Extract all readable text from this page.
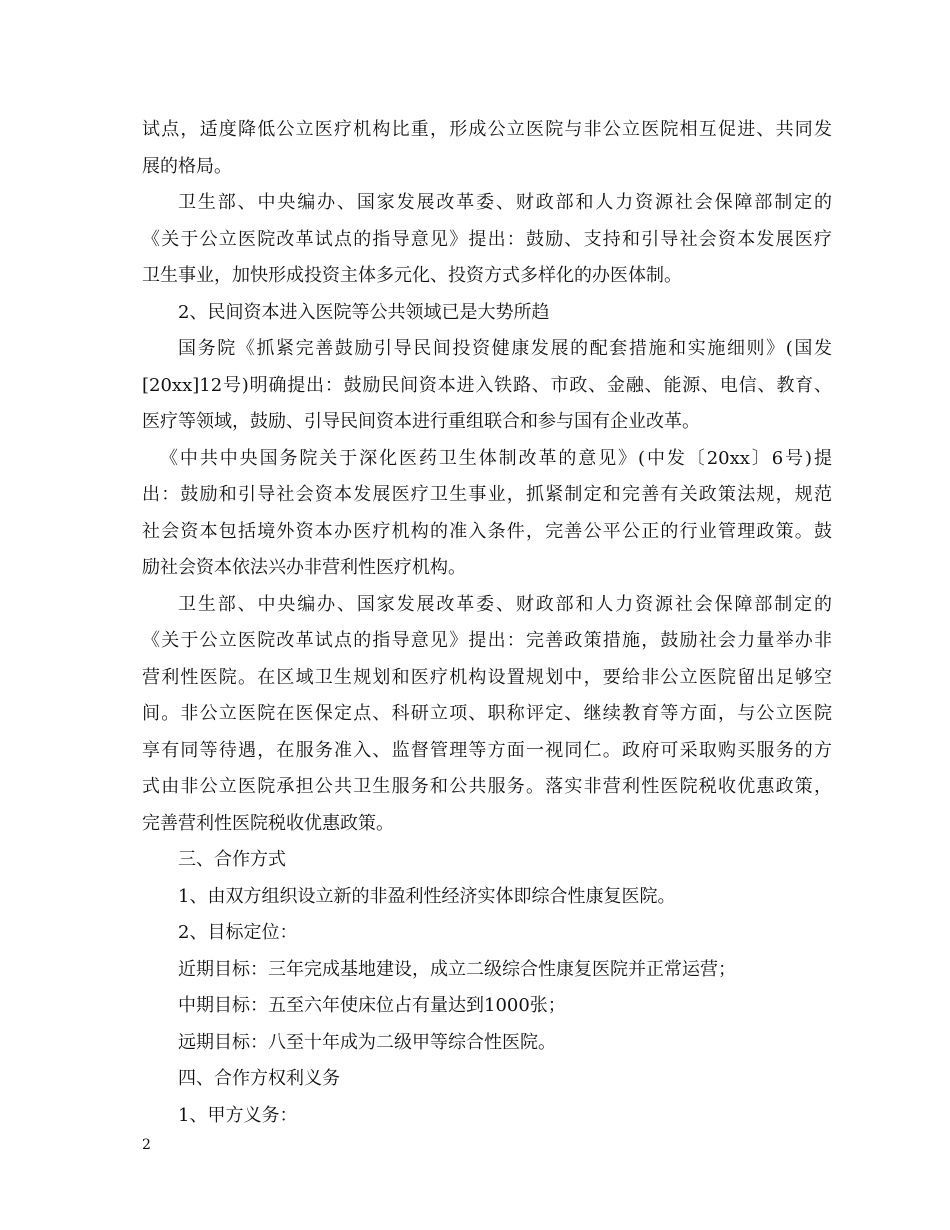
试点，适度降低公立医疗机构比重，形成公立医院与非公立医院相互促进、共同发
展的格局。
卫生部、中央编办、国家发展改革委、财政部和人力资源社会保障部制定的
《关于公立医院改革试点的指导意见》提出：鼓励、支持和引导社会资本发展医疗
卫生事业，加快形成投资主体多元化、投资方式多样化的办医体制。
2、民间资本进入医院等公共领域已是大势所趋
国务院《抓紧完善鼓励引导民间投资健康发展的配套措施和实施细则》(国发
[20xx]12号)明确提出：鼓励民间资本进入铁路、市政、金融、能源、电信、教育、
医疗等领域，鼓励、引导民间资本进行重组联合和参与国有企业改革。
《中共中央国务院关于深化医药卫生体制改革的意见》(中发〔20xx〕6号)提
出：鼓励和引导社会资本发展医疗卫生事业，抓紧制定和完善有关政策法规，规范
社会资本包括境外资本办医疗机构的准入条件，完善公平公正的行业管理政策。鼓
励社会资本依法兴办非营利性医疗机构。
卫生部、中央编办、国家发展改革委、财政部和人力资源社会保障部制定的
《关于公立医院改革试点的指导意见》提出：完善政策措施，鼓励社会力量举办非
营利性医院。在区域卫生规划和医疗机构设置规划中，要给非公立医院留出足够空
间。非公立医院在医保定点、科研立项、职称评定、继续教育等方面，与公立医院
享有同等待遇，在服务准入、监督管理等方面一视同仁。政府可采取购买服务的方
式由非公立医院承担公共卫生服务和公共服务。落实非营利性医院税收优惠政策，
完善营利性医院税收优惠政策。
三、合作方式
1、由双方组织设立新的非盈利性经济实体即综合性康复医院。
2、目标定位：
近期目标：三年完成基地建设，成立二级综合性康复医院并正常运营；
中期目标：五至六年使床位占有量达到1000张；
远期目标：八至十年成为二级甲等综合性医院。
四、合作方权利义务
1、甲方义务：
2
